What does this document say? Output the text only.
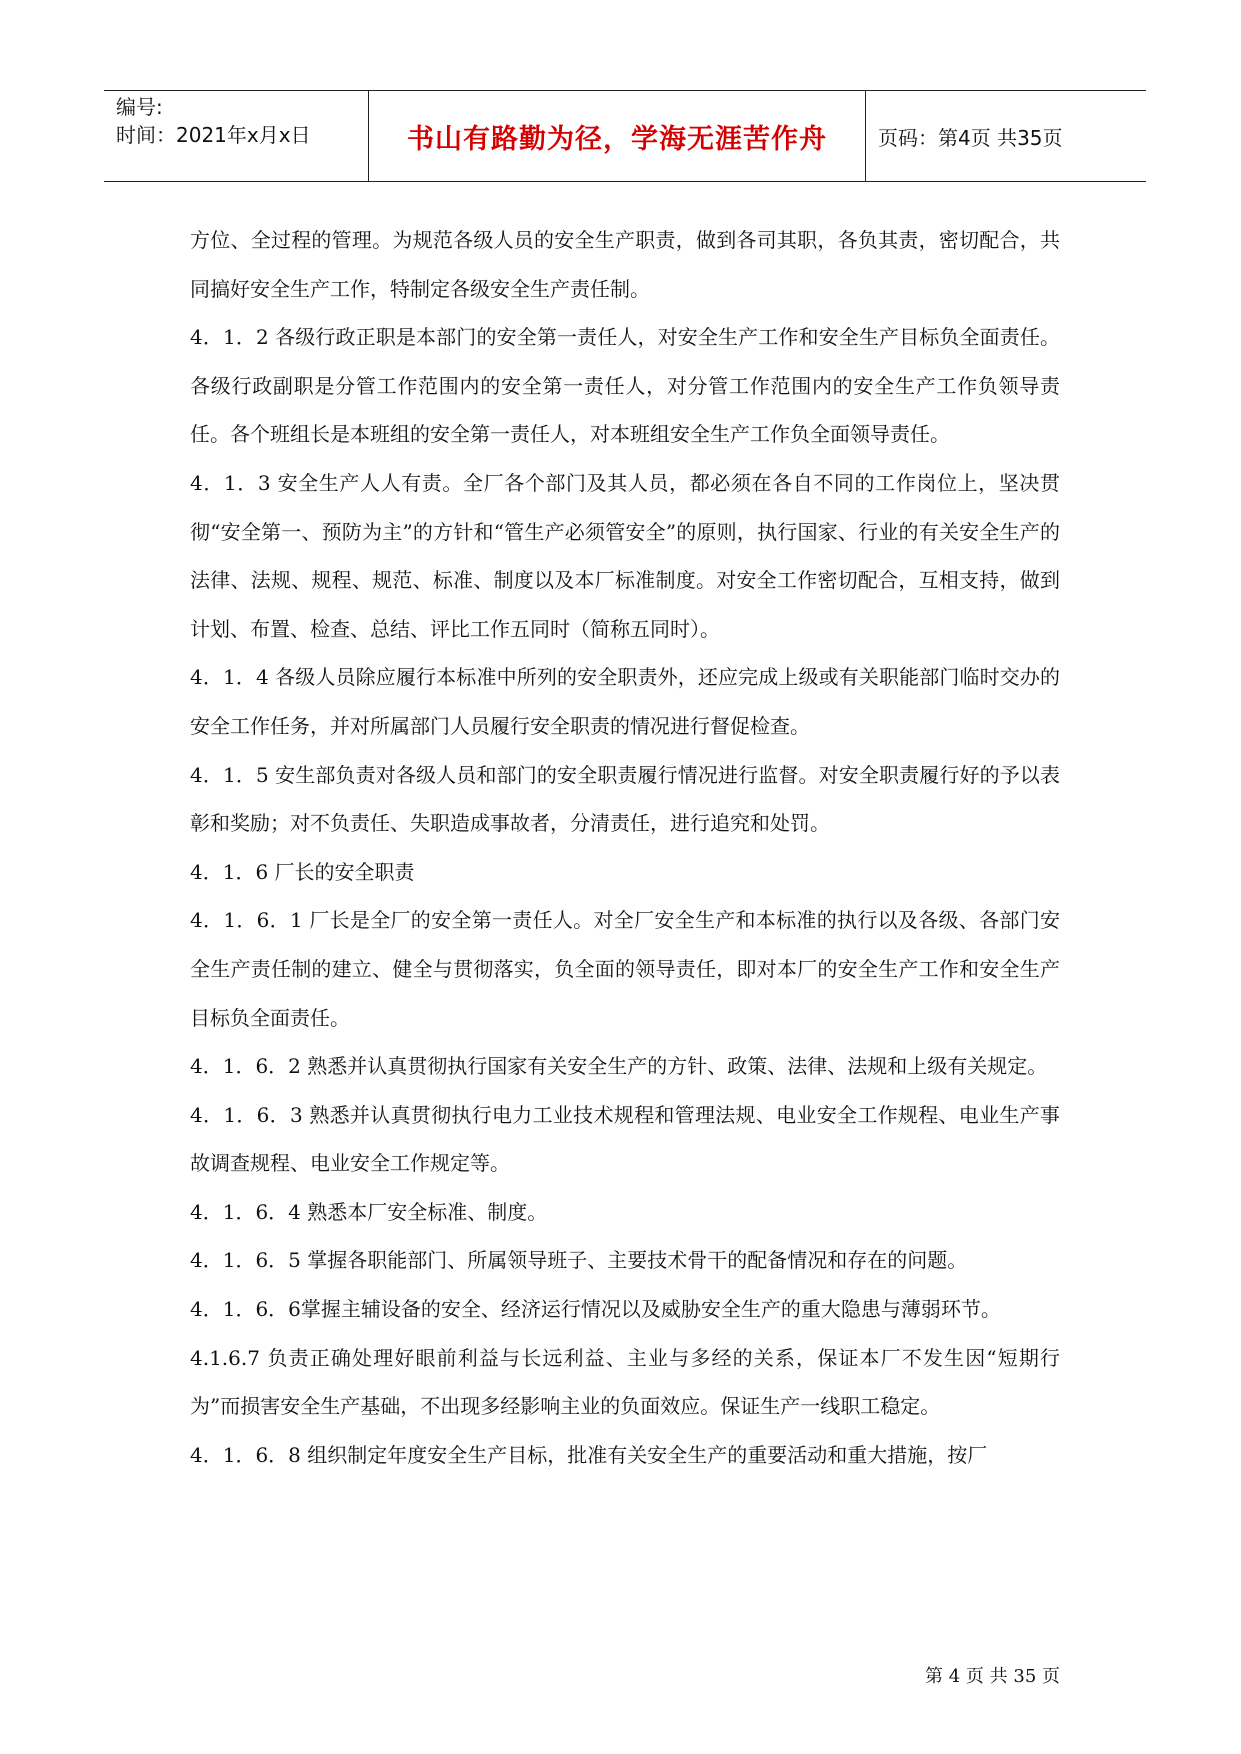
编号:
时间：2021年x月x日	书山有路勤为径，学海无涯苦作舟	页码：第4页 共35页

方位、全过程的管理。为规范各级人员的安全生产职责，做到各司其职，各负其责，密切配合，共同搞好安全生产工作，特制定各级安全生产责任制。

4．1．2 各级行政正职是本部门的安全第一责任人，对安全生产工作和安全生产目标负全面责任。各级行政副职是分管工作范围内的安全第一责任人，对分管工作范围内的安全生产工作负领导责任。各个班组长是本班组的安全第一责任人，对本班组安全生产工作负全面领导责任。

4．1．3 安全生产人人有责。全厂各个部门及其人员，都必须在各自不同的工作岗位上，坚决贯彻“安全第一、预防为主”的方针和“管生产必须管安全”的原则，执行国家、行业的有关安全生产的法律、法规、规程、规范、标准、制度以及本厂标准制度。对安全工作密切配合，互相支持，做到计划、布置、检查、总结、评比工作五同时（简称五同时）。

4．1．4 各级人员除应履行本标准中所列的安全职责外，还应完成上级或有关职能部门临时交办的安全工作任务，并对所属部门人员履行安全职责的情况进行督促检查。

4．1．5 安生部负责对各级人员和部门的安全职责履行情况进行监督。对安全职责履行好的予以表彰和奖励；对不负责任、失职造成事故者，分清责任，进行追究和处罚。

4．1．6 厂长的安全职责

4．1．6．1 厂长是全厂的安全第一责任人。对全厂安全生产和本标准的执行以及各级、各部门安全生产责任制的建立、健全与贯彻落实，负全面的领导责任，即对本厂的安全生产工作和安全生产目标负全面责任。

4．1．6．2 熟悉并认真贯彻执行国家有关安全生产的方针、政策、法律、法规和上级有关规定。

4．1．6．3 熟悉并认真贯彻执行电力工业技术规程和管理法规、电业安全工作规程、电业生产事故调查规程、电业安全工作规定等。

4．1．6．4 熟悉本厂安全标准、制度。

4．1．6．5 掌握各职能部门、所属领导班子、主要技术骨干的配备情况和存在的问题。

4．1．6．6掌握主辅设备的安全、经济运行情况以及威胁安全生产的重大隐患与薄弱环节。

4.1.6.7 负责正确处理好眼前利益与长远利益、主业与多经的关系，保证本厂不发生因“短期行为”而损害安全生产基础，不出现多经影响主业的负面效应。保证生产一线职工稳定。

4．1．6．8 组织制定年度安全生产目标，批准有关安全生产的重要活动和重大措施，按厂

第 4 页 共 35 页
